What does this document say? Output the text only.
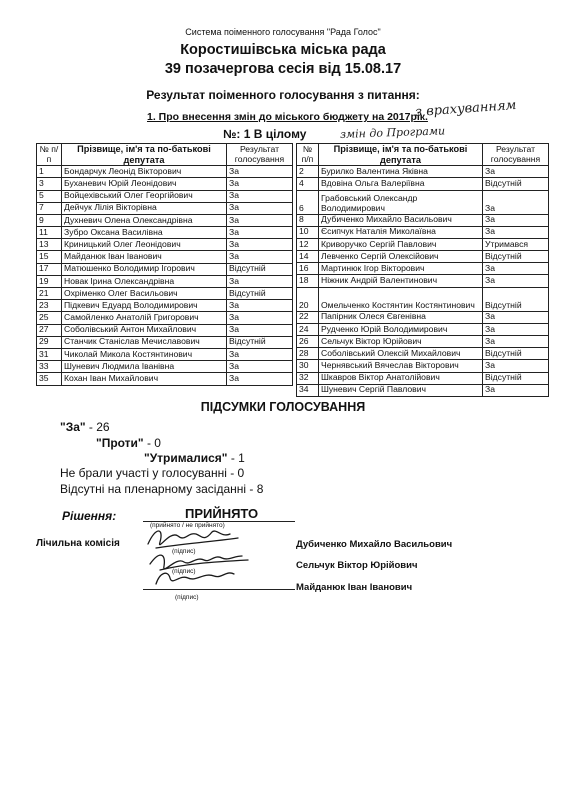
Система поіменного голосування "Рада Голос"
Коростишівська міська рада
39 позачергова сесія від 15.08.17
Результат поіменного голосування з питання:
1. Про внесення змін до міського бюджету на 2017рік.
з врахуванням
№: 1 В цілому	змін до Програми
№ п/п	Прізвище, ім'я та по-батькові депутата	Результат голосування
1	Бондарчук Леонід Вікторович	За
3	Буханевич Юрій Леонідович	За
5	Войцехівський Олег Георгійович	За
7	Дейчук Лілія Вікторівна	За
9	Духневич Олена Олександрівна	За
11	Зубро Оксана Василівна	За
13	Криницький Олег Леонідович	За
15	Майданюк Іван Іванович	За
17	Матюшенко Володимир Ігорович	Відсутній
19	Новак Ірина Олександрівна	За
21	Охріменко Олег Васильович	Відсутній
23	Підкевич Едуард Володимирович	За
25	Самойленко Анатолій Григорович	За
27	Соболівський Антон Михайлович	За
29	Станчик Станіслав Мечиславович	Відсутній
31	Чиколай Микола Костянтинович	За
33	Шуневич Людмила Іванівна	За
35	Кохан Іван Михайлович	За
№ п/п	Прізвище, ім'я та по-батькові депутата	Результат голосування
2	Бурилко Валентина Яківна	За
4	Вдовіна Ольга Валеріївна	Відсутній
6	Грабовський Олександр Володимирович	За
8	Дубиченко Михайло Васильович	За
10	Єсипчук Наталія Миколаївна	За
12	Криворучко Сергій Павлович	Утримався
14	Левченко Сергій Олексійович	Відсутній
16	Мартинюк Ігор Вікторович	За
18	Ніжник Андрій Валентинович	За
20	Омельченко Костянтин Костянтинович	Відсутній
22	Папірник Олеся Євгенівна	За
24	Рудченко Юрій Володимирович	За
26	Сельчук Віктор Юрійович	За
28	Соболівський Олексій Михайлович	Відсутній
30	Чернявський Вячеслав Вікторович	За
32	Шкавров Віктор Анатолійович	Відсутній
34	Шуневич Сергій Павлович	За
ПІДСУМКИ ГОЛОСУВАННЯ
"За" - 26
"Проти" - 0
"Утрималися" - 1
Не брали участі у голосуванні - 0
Відсутні на пленарному засіданні - 8
Рішення:	ПРИЙНЯТО
(прийнято / не прийнято)
Лічильна комісія
(підпис)
(підпис)
(підпис)
Дубиченко Михайло Васильович
Сельчук Віктор Юрійович
Майданюк Іван Іванович
